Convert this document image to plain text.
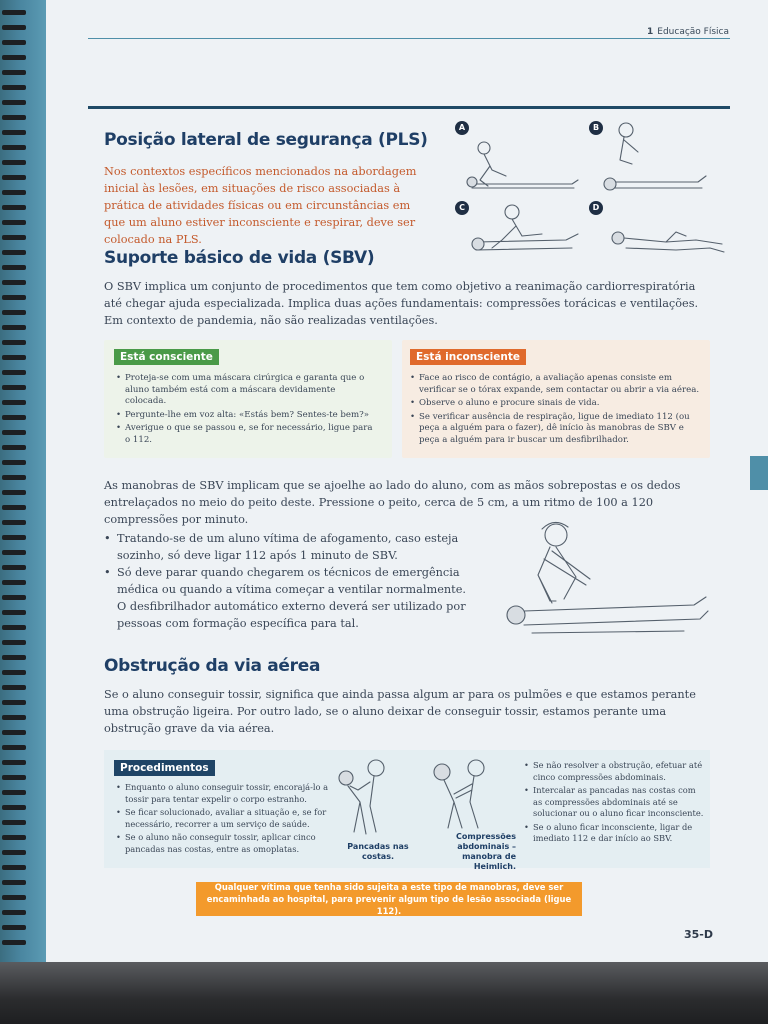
1 Educação Física
Posição lateral de segurança (PLS)

Nos contextos específicos mencionados na abordagem inicial às lesões, em situações de risco associadas à prática de atividades físicas ou em circunstâncias em que um aluno estiver inconsciente e respirar, deve ser colocado na PLS.

A	B
C	D
Suporte básico de vida (SBV)

O SBV implica um conjunto de procedimentos que tem como objetivo a reanimação cardiorrespiratória até chegar ajuda especializada. Implica duas ações fundamentais: compressões torácicas e ventilações. Em contexto de pandemia, não são realizadas ventilações.

Está consciente
• Proteja-se com uma máscara cirúrgica e garanta que o aluno também está com a máscara devidamente colocada.
• Pergunte-lhe em voz alta: «Estás bem? Sentes-te bem?»
• Averigue o que se passou e, se for necessário, ligue para o 112.
Está inconsciente
• Face ao risco de contágio, a avaliação apenas consiste em verificar se o tórax expande, sem contactar ou abrir a via aérea.
• Observe o aluno e procure sinais de vida.
• Se verificar ausência de respiração, ligue de imediato 112 (ou peça a alguém para o fazer), dê início às manobras de SBV e peça a alguém para ir buscar um desfibrilhador.

As manobras de SBV implicam que se ajoelhe ao lado do aluno, com as mãos sobrepostas e os dedos entrelaçados no meio do peito deste. Pressione o peito, cerca de 5 cm, a um ritmo de 100 a 120 compressões por minuto.

• Tratando-se de um aluno vítima de afogamento, caso esteja sozinho, só deve ligar 112 após 1 minuto de SBV.
• Só deve parar quando chegarem os técnicos de emergência médica ou quando a vítima começar a ventilar normalmente. O desfibrilhador automático externo deverá ser utilizado por pessoas com formação específica para tal.
Obstrução da via aérea

Se o aluno conseguir tossir, significa que ainda passa algum ar para os pulmões e que estamos perante uma obstrução ligeira. Por outro lado, se o aluno deixar de conseguir tossir, estamos perante uma obstrução grave da via aérea.

Procedimentos
• Enquanto o aluno conseguir tossir, encorajá-lo a tossir para tentar expelir o corpo estranho.
• Se ficar solucionado, avaliar a situação e, se for necessário, recorrer a um serviço de saúde.
• Se o aluno não conseguir tossir, aplicar cinco pancadas nas costas, entre as omoplatas.	Pancadas nas costas.
Compressões abdominais – manobra de Heimlich.
• Se não resolver a obstrução, efetuar até cinco compressões abdominais.
• Intercalar as pancadas nas costas com as compressões abdominais até se solucionar ou o aluno ficar inconsciente.
• Se o aluno ficar inconsciente, ligar de imediato 112 e dar início ao SBV.
Qualquer vítima que tenha sido sujeita a este tipo de manobras, deve ser encaminhada ao hospital, para prevenir algum tipo de lesão associada (ligue 112).
35-D
